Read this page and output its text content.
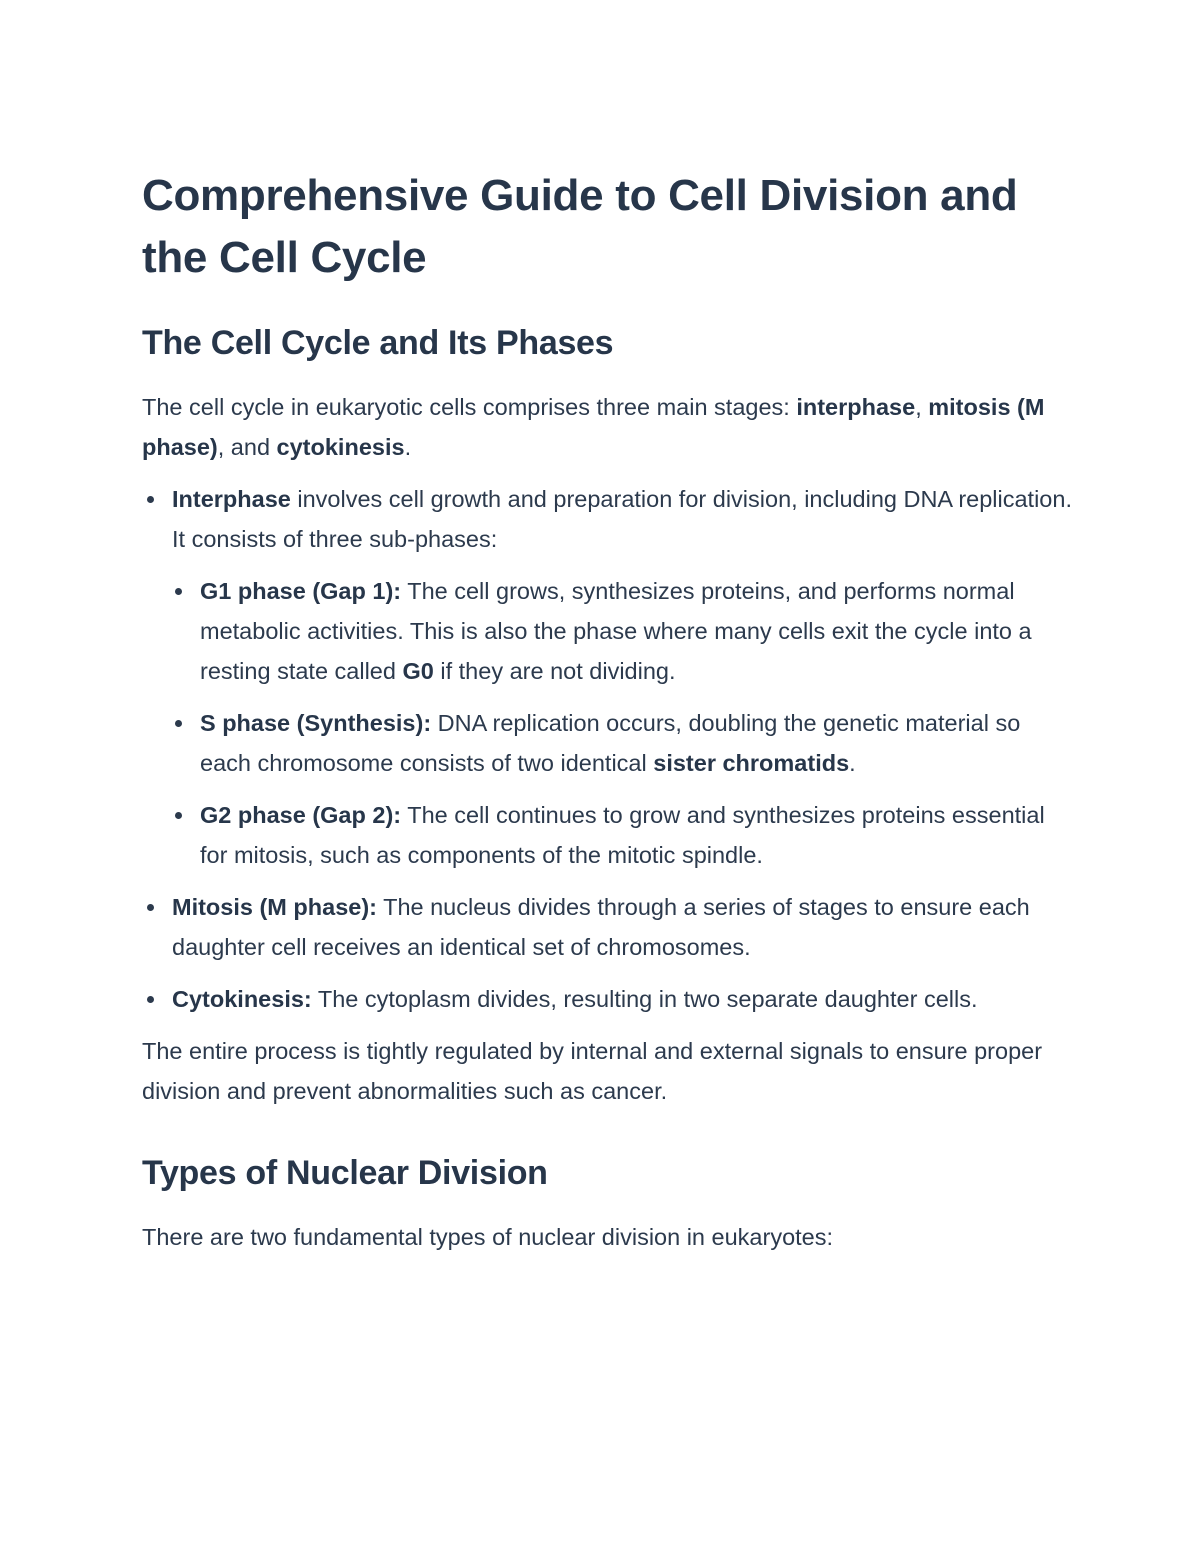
Comprehensive Guide to Cell Division and the Cell Cycle
The Cell Cycle and Its Phases

The cell cycle in eukaryotic cells comprises three main stages: interphase, mitosis (M phase), and cytokinesis.

Interphase involves cell growth and preparation for division, including DNA replication. It consists of three sub-phases:
G1 phase (Gap 1): The cell grows, synthesizes proteins, and performs normal metabolic activities. This is also the phase where many cells exit the cycle into a resting state called G0 if they are not dividing.
S phase (Synthesis): DNA replication occurs, doubling the genetic material so each chromosome consists of two identical sister chromatids.
G2 phase (Gap 2): The cell continues to grow and synthesizes proteins essential for mitosis, such as components of the mitotic spindle.
Mitosis (M phase): The nucleus divides through a series of stages to ensure each daughter cell receives an identical set of chromosomes.
Cytokinesis: The cytoplasm divides, resulting in two separate daughter cells.

The entire process is tightly regulated by internal and external signals to ensure proper division and prevent abnormalities such as cancer.

Types of Nuclear Division

There are two fundamental types of nuclear division in eukaryotes:
